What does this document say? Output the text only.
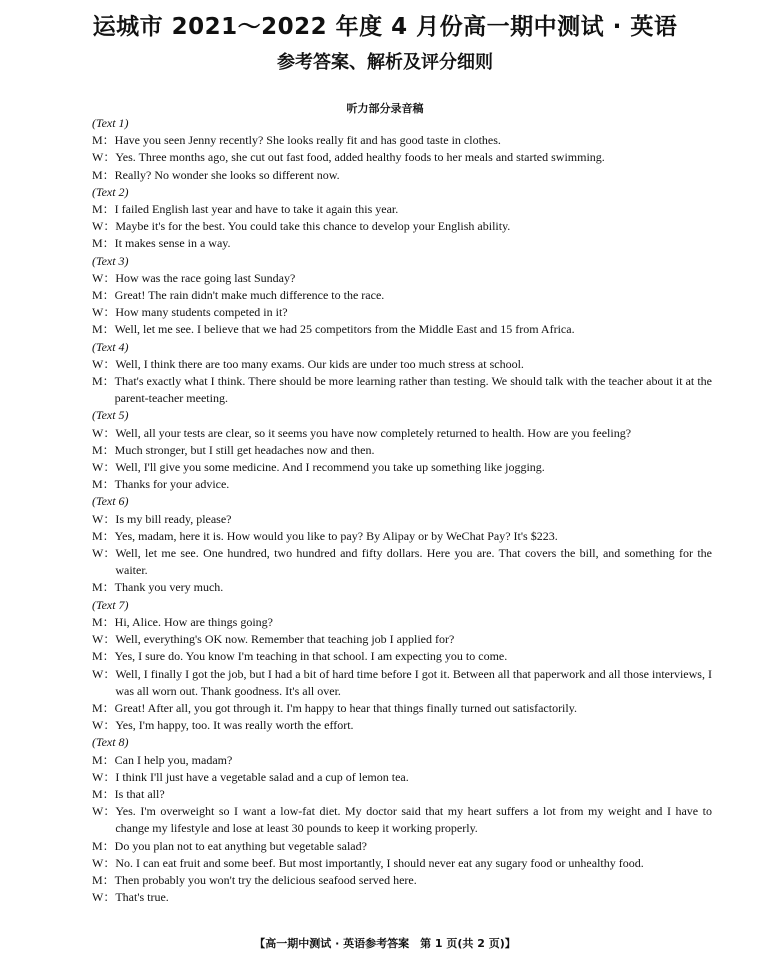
运城市 2021～2022 年度 4 月份高一期中测试 · 英语
参考答案、解析及评分细则
听力部分录音稿
(Text 1)
M： Have you seen Jenny recently? She looks really fit and has good taste in clothes.
W： Yes. Three months ago, she cut out fast food, added healthy foods to her meals and started swimming.
M： Really? No wonder she looks so different now.
(Text 2)
M： I failed English last year and have to take it again this year.
W： Maybe it's for the best. You could take this chance to develop your English ability.
M： It makes sense in a way.
(Text 3)
W： How was the race going last Sunday?
M： Great! The rain didn't make much difference to the race.
W： How many students competed in it?
M： Well, let me see. I believe that we had 25 competitors from the Middle East and 15 from Africa.
(Text 4)
W： Well, I think there are too many exams. Our kids are under too much stress at school.
M： That's exactly what I think. There should be more learning rather than testing. We should talk with the teacher about it at the parent-teacher meeting.
(Text 5)
W： Well, all your tests are clear, so it seems you have now completely returned to health. How are you feeling?
M： Much stronger, but I still get headaches now and then.
W： Well, I'll give you some medicine. And I recommend you take up something like jogging.
M： Thanks for your advice.
(Text 6)
W： Is my bill ready, please?
M： Yes, madam, here it is. How would you like to pay? By Alipay or by WeChat Pay? It's $223.
W： Well, let me see. One hundred, two hundred and fifty dollars. Here you are. That covers the bill, and something for the waiter.
M： Thank you very much.
(Text 7)
M： Hi, Alice. How are things going?
W： Well, everything's OK now. Remember that teaching job I applied for?
M： Yes, I sure do. You know I'm teaching in that school. I am expecting you to come.
W： Well, I finally I got the job, but I had a bit of hard time before I got it. Between all that paperwork and all those interviews, I was all worn out. Thank goodness. It's all over.
M： Great! After all, you got through it. I'm happy to hear that things finally turned out satisfactorily.
W： Yes, I'm happy, too. It was really worth the effort.
(Text 8)
M： Can I help you, madam?
W： I think I'll just have a vegetable salad and a cup of lemon tea.
M： Is that all?
W： Yes. I'm overweight so I want a low-fat diet. My doctor said that my heart suffers a lot from my weight and I have to change my lifestyle and lose at least 30 pounds to keep it working properly.
M： Do you plan not to eat anything but vegetable salad?
W： No. I can eat fruit and some beef. But most importantly, I should never eat any sugary food or unhealthy food.
M： Then probably you won't try the delicious seafood served here.
W： That's true.
【高一期中测试 · 英语参考答案　第 1 页(共 2 页)】
